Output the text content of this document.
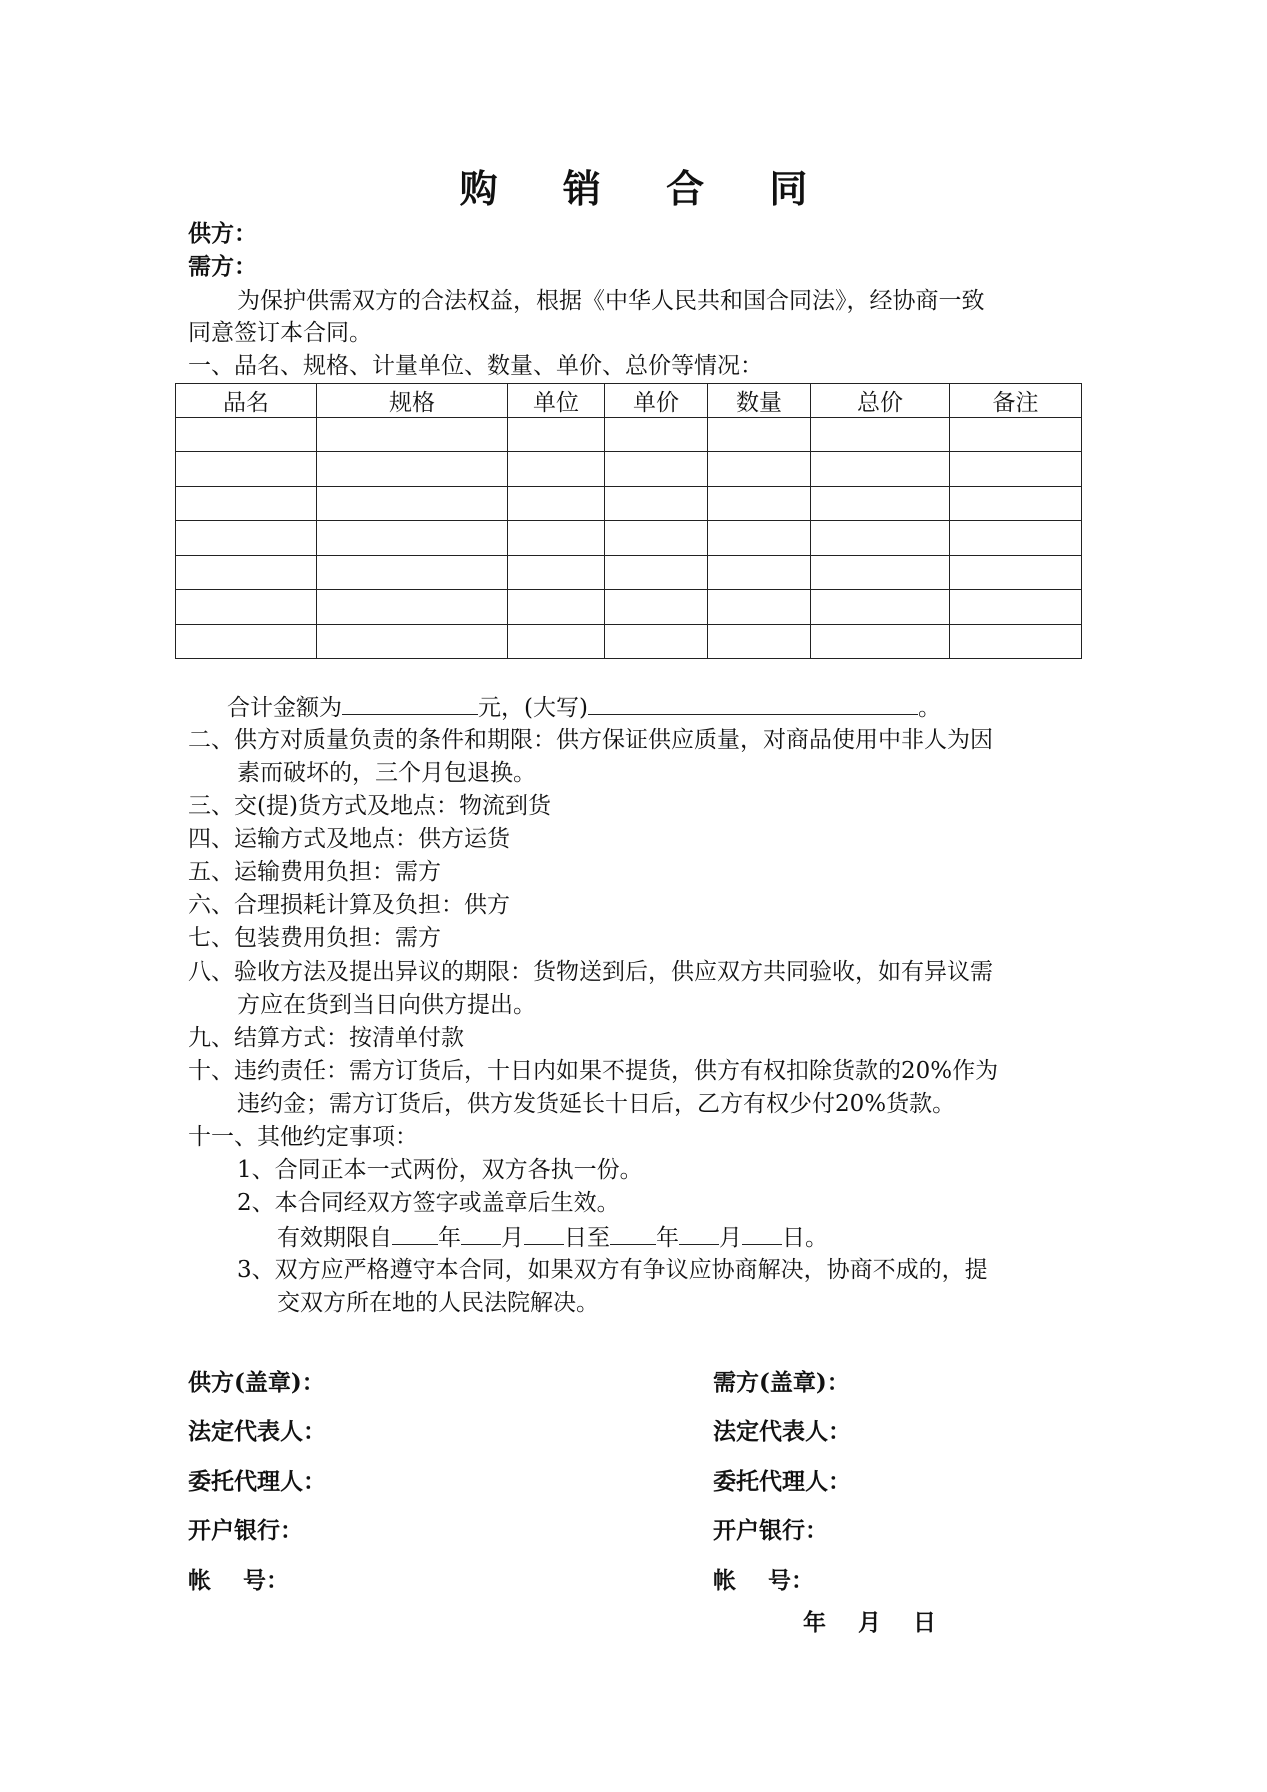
购 销 合 同
供方：
需方：
为保护供需双方的合法权益，根据《中华人民共和国合同法》，经协商一致
同意签订本合同。
一、品名、规格、计量单位、数量、单价、总价等情况：
品名	规格	单位	单价	数量	总价	备注

合计金额为	元，(大写)	。
二、供方对质量负责的条件和期限：供方保证供应质量，对商品使用中非人为因
素而破坏的，三个月包退换。
三、交(提)货方式及地点：物流到货
四、运输方式及地点：供方运货
五、运输费用负担：需方
六、合理损耗计算及负担：供方
七、包装费用负担：需方
八、验收方法及提出异议的期限：货物送到后，供应双方共同验收，如有异议需
方应在货到当日向供方提出。
九、结算方式：按清单付款
十、违约责任：需方订货后，十日内如果不提货，供方有权扣除货款的20%作为
违约金；需方订货后，供方发货延长十日后，乙方有权少付20%货款。
十一、其他约定事项：
1、合同正本一式两份，双方各执一份。
2、本合同经双方签字或盖章后生效。
有效期限自 年 月 日至 年 月 日。
3、双方应严格遵守本合同，如果双方有争议应协商解决，协商不成的，提
交双方所在地的人民法院解决。
供方(盖章)：
法定代表人：
委托代理人：
开户银行：
帐    号：
需方(盖章)：
法定代表人：
委托代理人：
开户银行：
帐    号：
年    月    日
